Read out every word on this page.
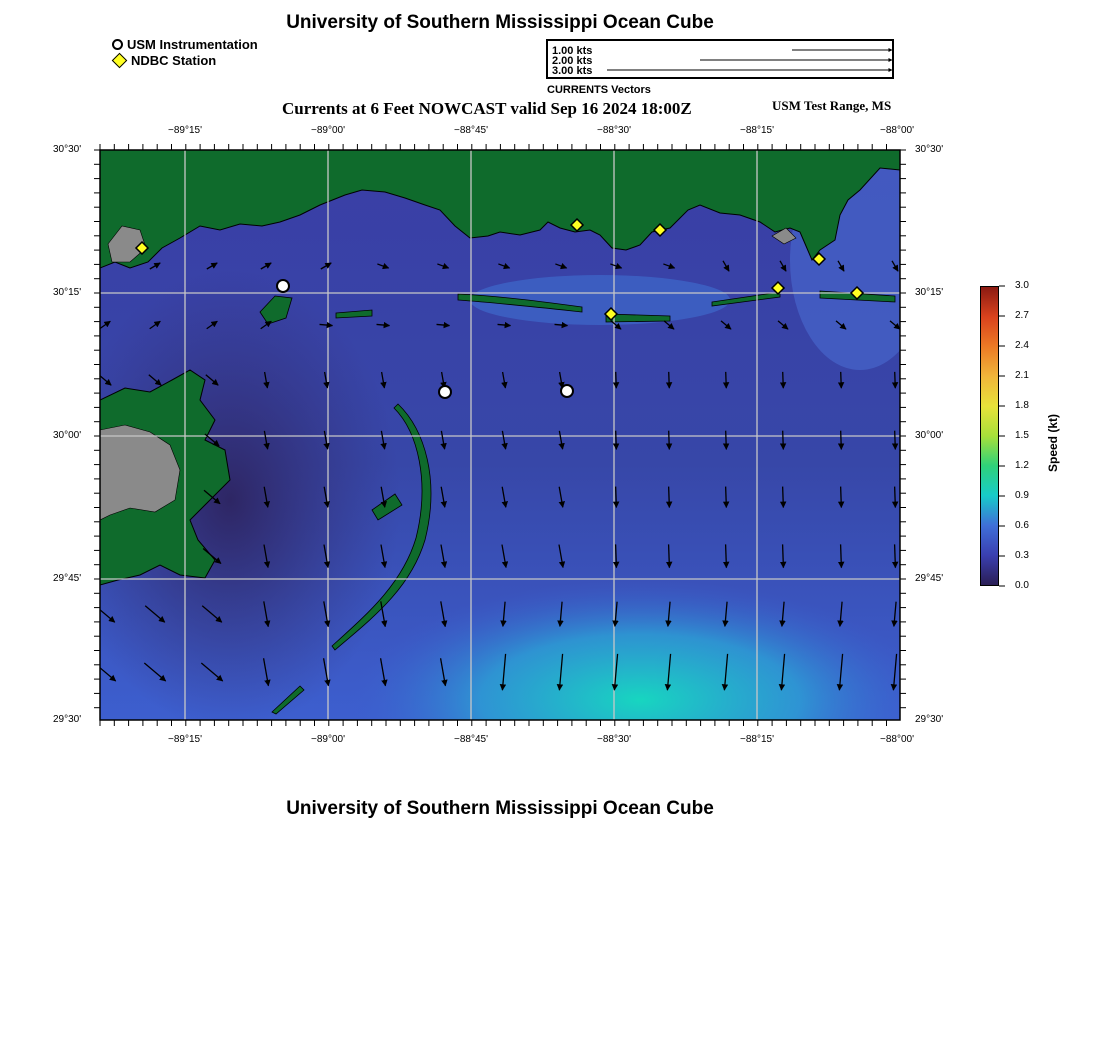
University of Southern Mississippi Ocean Cube
USM Instrumentation
NDBC Station
1.00 kts
2.00 kts
3.00 kts
CURRENTS Vectors
Currents at 6 Feet NOWCAST valid Sep 16 2024 18:00Z	USM Test Range, MS
−89°15'	−89°00'	−88°45'	−88°30'	−88°15'	−88°00'
−89°15'	−89°00'	−88°45'	−88°30'	−88°15'	−88°00'
30°30'
30°15'
30°00'
29°45'
29°30'
30°30'
30°15'
30°00'
29°45'
29°30'
3.0
2.7
2.4
2.1
1.8
1.5
1.2
0.9
0.6
0.3
0.0
Speed (kt)
University of Southern Mississippi Ocean Cube
